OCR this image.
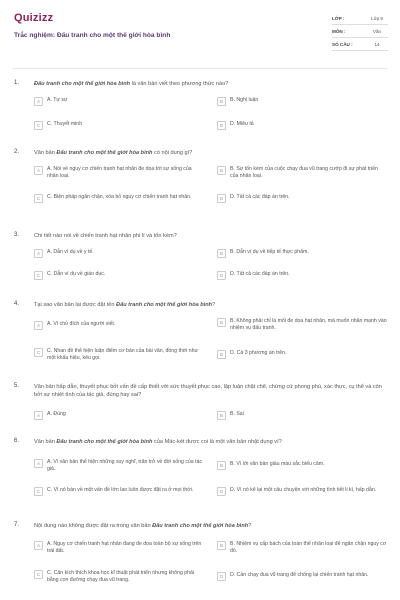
Quizizz
Trắc nghiệm: Đấu tranh cho một thế giới hòa bình
LỚP :	Lớp 9
MÔN :	Văn
SỐ CÂU :	14
1.	Đấu tranh cho một thế giới hòa bình là văn bản viết theo phương thức nào?
A	A. Tự sự	B	B. Nghị luận
C	C. Thuyết minh	D	D. Miêu tả
2.	Văn bản Đấu tranh cho một thế giới hòa bình có nội dung gì?
A	A. Nói về nguy cơ chiến tranh hạt nhân đe dọa tới sự sống của nhân loại.
B	B. Sự tốn kém của cuộc chạy đua vũ trang cướp đi sự phát triển của nhân loại.
C	C. Biện pháp ngăn chặn, xóa bỏ nguy cơ chiến tranh hạt nhân.	D	D. Tất cả các đáp án trên.
3.	Chi tiết nào nói về chiến tranh hạt nhân phi lí và tốn kém?
A	A. Dẫn ví dụ về y tế.	B	B. Dẫn ví dụ về tiếp tế thực phẩm.
C	C. Dẫn ví dụ về giáo dục.	D	D. Tất cả các đáp án trên.
4.	Tại sao văn bản lại được đặt tên Đấu tranh cho một thế giới hòa bình?
A	A. Vì chủ đích của người viết.	B	B. Không phải chỉ là mối đe dọa hạt nhân, mà muốn nhân mạnh vào nhiệm vụ đấu tranh.
C	C. Nhan đề thể hiện luận điểm cơ bản của bài văn, đồng thời như một khẩu hiệu, kêu gọi.
D	D. Cả 3 phương án trên.
5.	Văn bản hấp dẫn, thuyết phục bởi vấn đề cấp thiết với sức thuyết phục cao, lập luận chặt chẽ, chứng cứ phong phú, xác thực, cụ thể và còn bởi sự nhiệt tình của tác giả, đúng hay sai?
A	A. Đúng	B	B. Sai
6.	Văn bản Đấu tranh cho một thế giới hòa bình của Mác-két được coi là một văn bản nhật dụng vì?
A	A. Vì văn bản thể hiện những suy nghĩ, trăn trở về đời sống của tác giả.
B	B. Vì lời văn bản giàu màu sắc biểu cảm.
C	C. Vì nó bàn về một vấn đề lớn lao luôn được đặt ra ở mọi thời.	D	D. Vì nó kể lại một câu chuyện với những tình tiết li kì, hấp dẫn.
7.	Nội dung nào không được đặt ra trong văn bản Đấu tranh cho một thế giới hòa bình?
A	A. Nguy cơ chiến tranh hạt nhân đang đe dọa toàn bộ sự sống trên trái đất.
B	B. Nhiệm vụ cấp bách của toàn thể nhân loại để ngăn chặn nguy cơ đó.
C	C. Căn kích thích khoa học kĩ thuật phát triển nhưng không phải bằng con đường chạy đua vũ trang.
D	D. Cần chạy đua vũ trang để chống lại chiến tranh hạt nhân.
